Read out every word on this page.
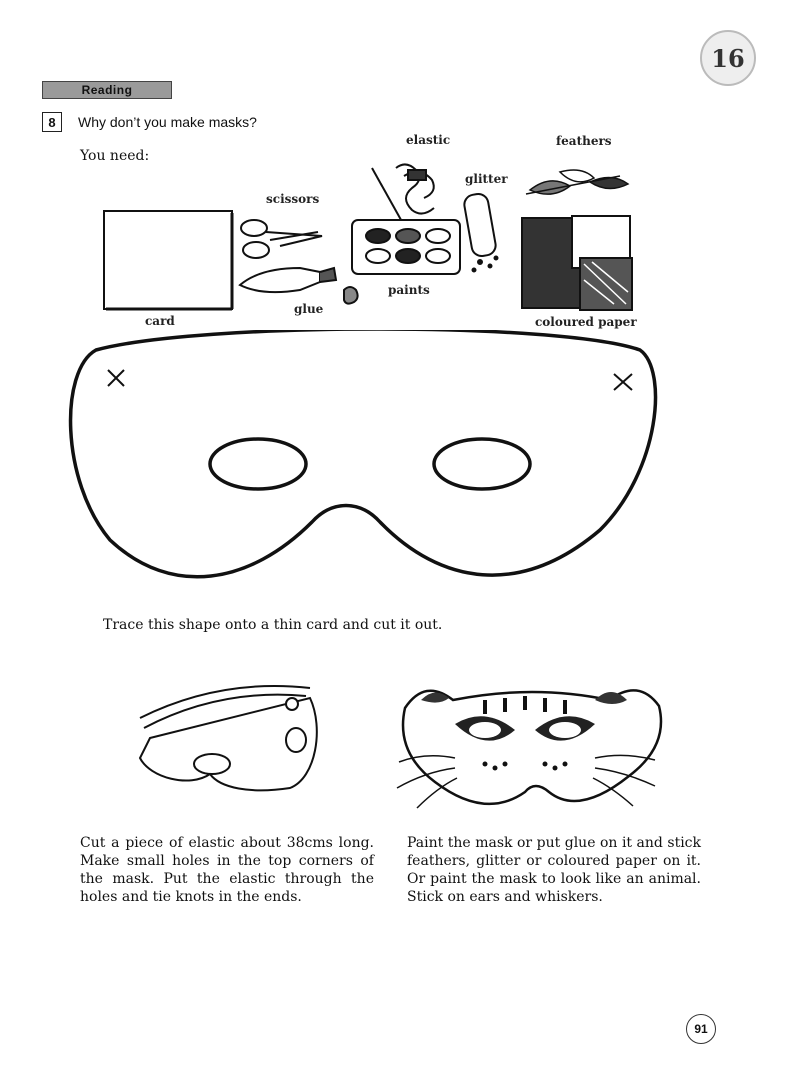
16
Reading
8	Why don’t you make masks?
You need:
card
scissors
glue
elastic
glitter
paints
feathers
coloured paper
Trace this shape onto a thin card and cut it out.
Cut a piece of elastic about 38cms long. Make small holes in the top corners of the mask. Put the elastic through the holes and tie knots in the ends.
Paint the mask or put glue on it and stick feathers, glitter or coloured paper on it. Or paint the mask to look like an animal. Stick on ears and whiskers.
91
